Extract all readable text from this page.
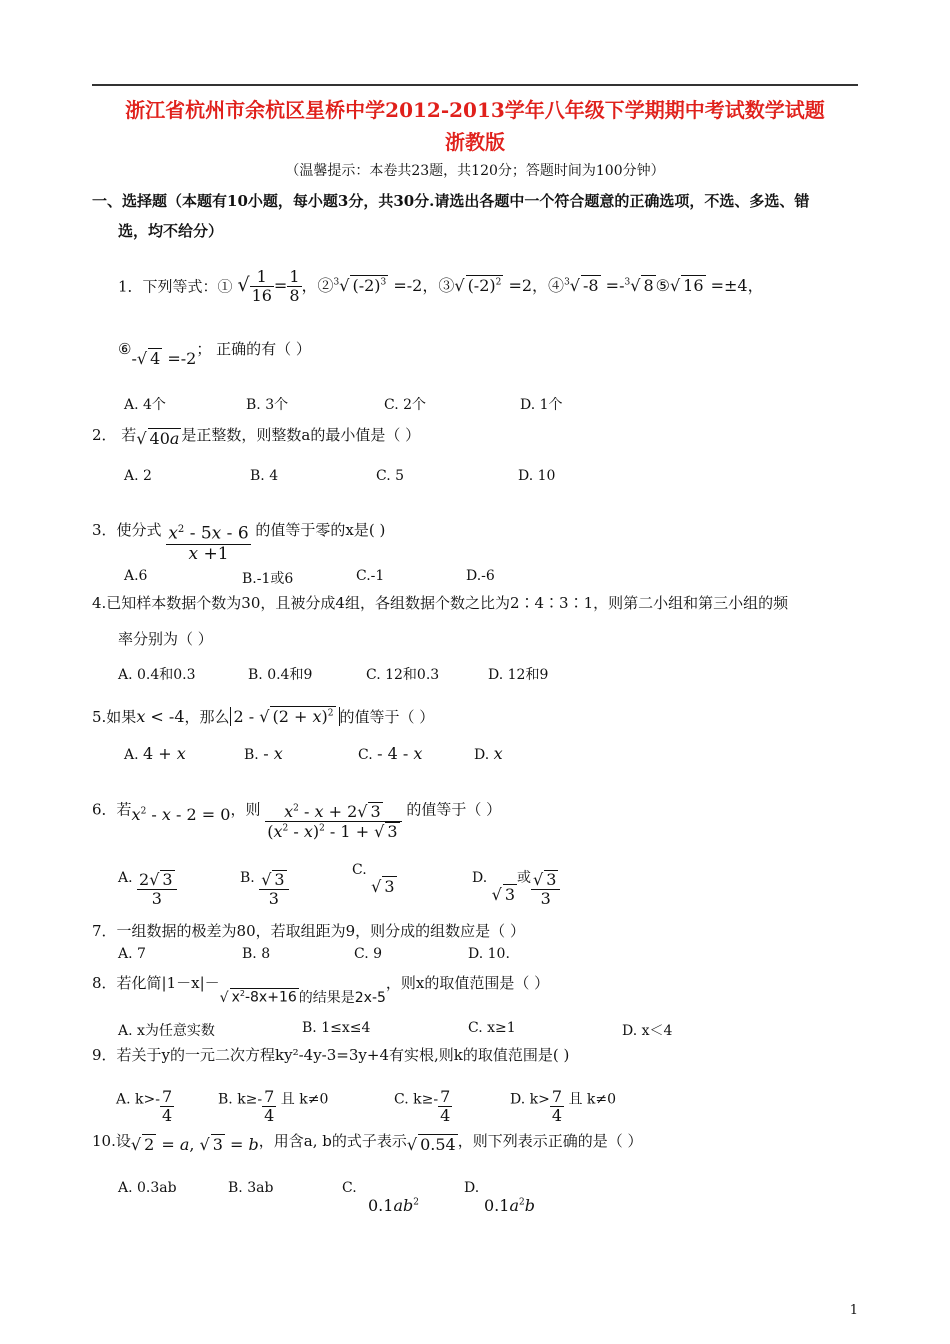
浙江省杭州市余杭区星桥中学2012-2013学年八年级下学期期中考试数学试题
浙教版
（温馨提示：本卷共23题，共120分；答题时间为100分钟）
一、选择题（本题有10小题，每小题3分，共30分.请选出各题中一个符合题意的正确选项，不选、多选、错
选，均不给分）
1．下列等式：① √ $\frac{1}{16} = \frac{1}{8}$ ，②$^3$√ $(-2)^3 =-2$，③√ $(-2)^2 =2$，④$^3$√ -8 =-$^3$√ 8 ⑤√ 16 =±4，
⑥-√ 4 =-2； 正确的有（ ）
A. 4个	B. 3个	C. 2个	D. 1个
2． 若√ 40a 是正整数，则整数a的最小值是（ ）
A. 2	B. 4	C. 5	D. 10
3．使分式 $\frac{x^2 - 5x - 6}{x +1}$ 的值等于零的x是( )
A.6	B.-1或6	C.-1	D.-6
4.已知样本数据个数为30，且被分成4组，各组数据个数之比为2∶4∶3∶1，则第二小组和第三小组的频
率分别为（ ）
A. 0.4和0.3	B. 0.4和9	C. 12和0.3	D. 12和9
5.如果x < -4，那么 2 - √ $(2 + x)^2$ 的值等于（ ）
A. 4 + x	B. - x	C. - 4 - x	D. x
6．若$x^2 - x - 2 = 0$，则 $\frac{x^2 - x + 2√ 3}{(x^2 - x)^2 - 1 + √ 3}$ 的值等于（ ）
A. $\frac{2√ 3}{3}$	B. $\frac{√ 3}{3}$	C. √ 3	D. √ 3或 $\frac{√ 3}{3}$
7．一组数据的极差为80，若取组距为9，则分成的组数应是（ ）
A. 7	B. 8	C. 9	D. 10.
8．若化简|1－x|－√ $x^2-8x+16$ 的结果是2x-5，则x的取值范围是（ ）
A. x为任意实数	B. 1≤x≤4	C. x≥1	D. x＜4
9．若关于y的一元二次方程ky²-4y-3=3y+4有实根,则k的取值范围是( )
A. $k>- \frac{7}{4}$	B. $k\ge- \frac{7}{4}$ 且 k≠0	C. $k\ge- \frac{7}{4}$	D. $k> \frac{7}{4}$ 且 k≠0
10.设√ 2 = a, √ 3 = b，用含a, b的式子表示√ 0.54 ，则下列表示正确的是（ ）
A. 0.3ab	B. 3ab	C.
$0.1ab^2$
D.
$0.1a^2b$
1
